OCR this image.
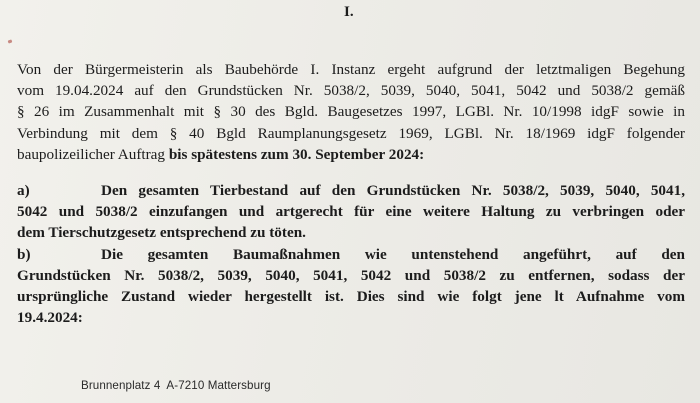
I.
Von der Bürgermeisterin als Baubehörde I. Instanz ergeht aufgrund der letztmaligen Begehung
vom 19.04.2024 auf den Grundstücken Nr. 5038/2, 5039, 5040, 5041, 5042 und 5038/2 gemäß
§ 26 im Zusammenhalt mit § 30 des Bgld. Baugesetzes 1997, LGBl. Nr. 10/1998 idgF sowie in
Verbindung mit dem § 40 Bgld Raumplanungsgesetz 1969, LGBl. Nr. 18/1969 idgF folgender
baupolizeilicher Auftrag bis spätestens zum 30. September 2024:
a)	Den gesamten Tierbestand auf den Grundstücken Nr. 5038/2, 5039, 5040, 5041,
5042 und 5038/2 einzufangen und artgerecht für eine weitere Haltung zu verbringen oder
dem Tierschutzgesetz entsprechend zu töten.
b)	Die gesamten Baumaßnahmen wie untenstehend angeführt, auf den
Grundstücken Nr. 5038/2, 5039, 5040, 5041, 5042 und 5038/2 zu entfernen, sodass der
ursprüngliche Zustand wieder hergestellt ist. Dies sind wie folgt jene lt Aufnahme vom
19.4.2024:
Brunnenplatz 4  A-7210 Mattersburg
